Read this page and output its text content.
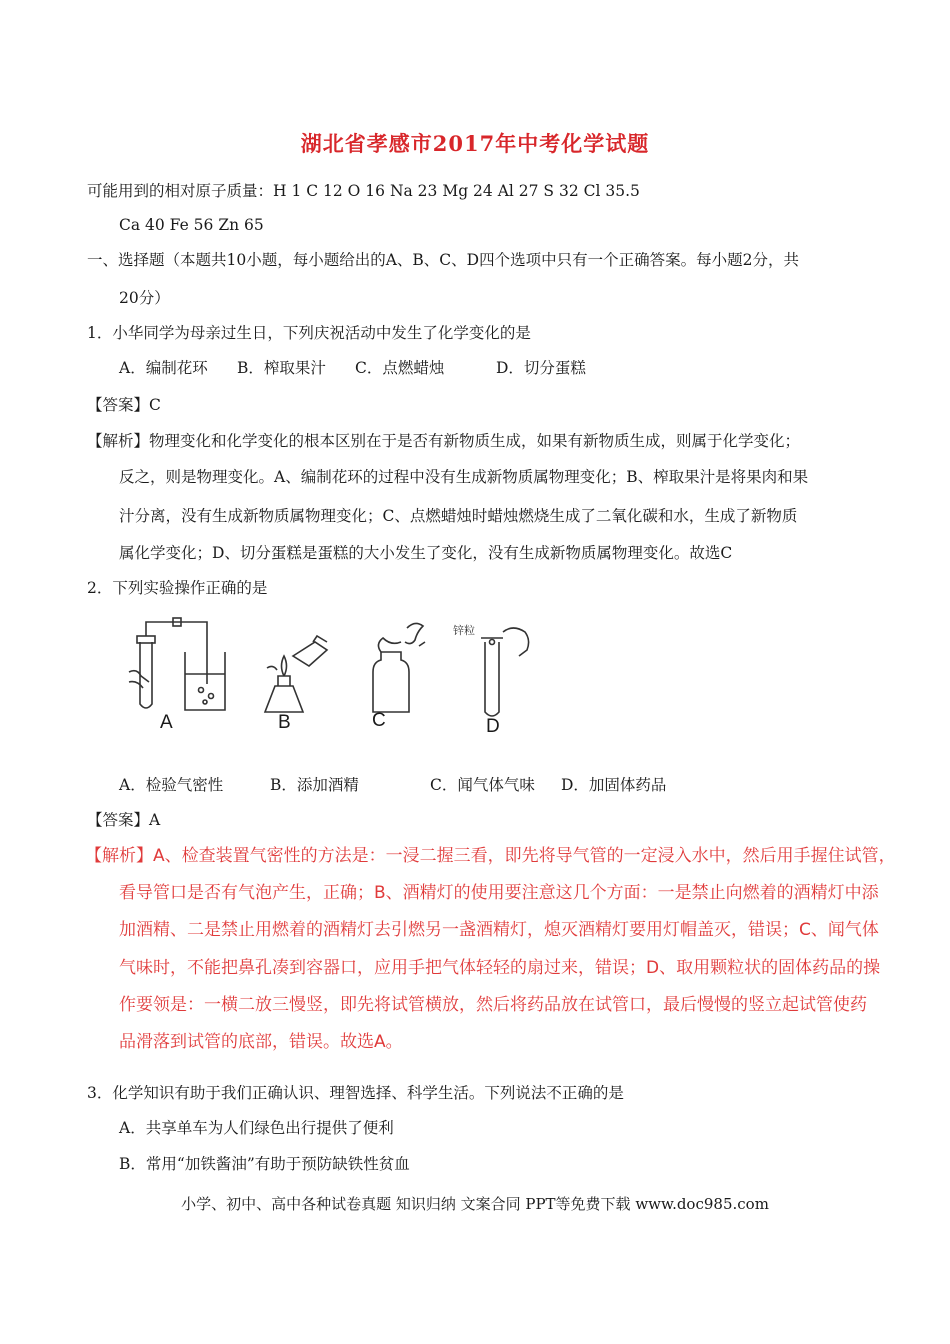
湖北省孝感市2017年中考化学试题
可能用到的相对原子质量：H 1 C 12 O 16 Na 23 Mg 24 Al 27 S 32 Cl 35.5
Ca 40 Fe 56 Zn 65
一、选择题（本题共10小题，每小题给出的A、B、C、D四个选项中只有一个正确答案。每小题2分，共
20分）
1．小华同学为母亲过生日，下列庆祝活动中发生了化学变化的是
A．编制花环 B．榨取果汁 C．点燃蜡烛	D．切分蛋糕
【答案】C
【解析】物理变化和化学变化的根本区别在于是否有新物质生成，如果有新物质生成，则属于化学变化；
反之，则是物理变化。A、编制花环的过程中没有生成新物质属物理变化；B、榨取果汁是将果肉和果
汁分离，没有生成新物质属物理变化；C、点燃蜡烛时蜡烛燃烧生成了二氧化碳和水，生成了新物质
属化学变化；D、切分蛋糕是蛋糕的大小发生了变化，没有生成新物质属物理变化。故选C
2．下列实验操作正确的是
锌粒
A	B	C	D
A．检验气密性	B．添加酒精	C．闻气体气味 D．加固体药品
【答案】A
【解析】A、检查装置气密性的方法是：一浸二握三看，即先将导气管的一定浸入水中，然后用手握住试管，
看导管口是否有气泡产生，正确；B、酒精灯的使用要注意这几个方面：一是禁止向燃着的酒精灯中添
加酒精、二是禁止用燃着的酒精灯去引燃另一盏酒精灯，熄灭酒精灯要用灯帽盖灭，错误；C、闻气体
气味时，不能把鼻孔凑到容器口，应用手把气体轻轻的扇过来，错误；D、取用颗粒状的固体药品的操
作要领是：一横二放三慢竖，即先将试管横放，然后将药品放在试管口，最后慢慢的竖立起试管使药
品滑落到试管的底部，错误。故选A。
3．化学知识有助于我们正确认识、理智选择、科学生活。下列说法不正确的是
A．共享单车为人们绿色出行提供了便利
B．常用“加铁酱油”有助于预防缺铁性贫血
小学、初中、高中各种试卷真题 知识归纳 文案合同 PPT等免费下载 www.doc985.com
